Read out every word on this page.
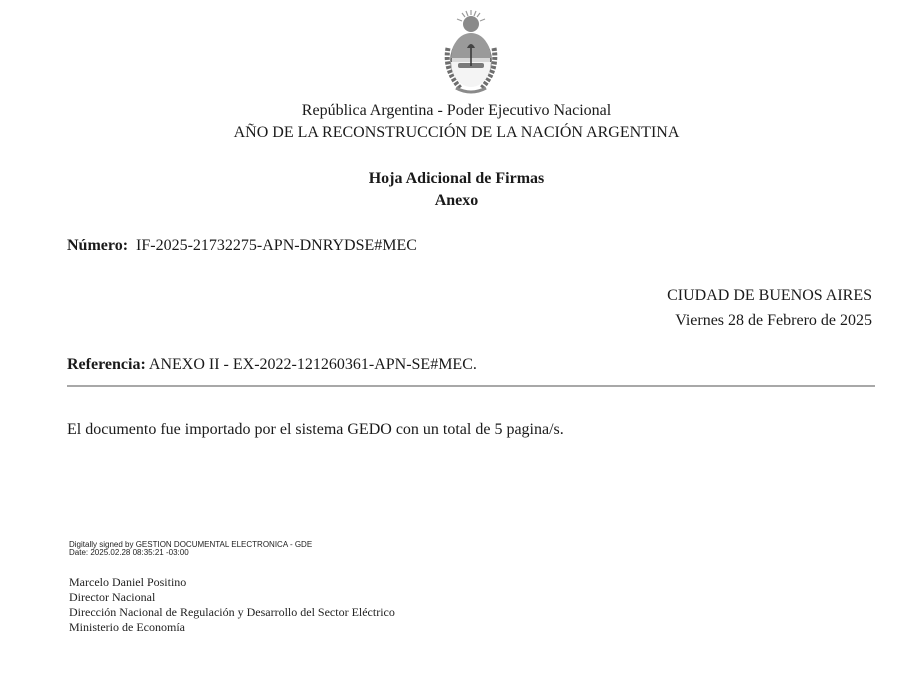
República Argentina - Poder Ejecutivo Nacional
AÑO DE LA RECONSTRUCCIÓN DE LA NACIÓN ARGENTINA
Hoja Adicional de Firmas
Anexo
Número: IF-2025-21732275-APN-DNRYDSE#MEC
CIUDAD DE BUENOS AIRES
Viernes 28 de Febrero de 2025
Referencia: ANEXO II - EX-2022-121260361-APN-SE#MEC.
El documento fue importado por el sistema GEDO con un total de 5 pagina/s.
Digitally signed by GESTION DOCUMENTAL ELECTRONICA - GDE
Date: 2025.02.28 08:35:21 -03:00
Marcelo Daniel Positino
Director Nacional
Dirección Nacional de Regulación y Desarrollo del Sector Eléctrico
Ministerio de Economía
